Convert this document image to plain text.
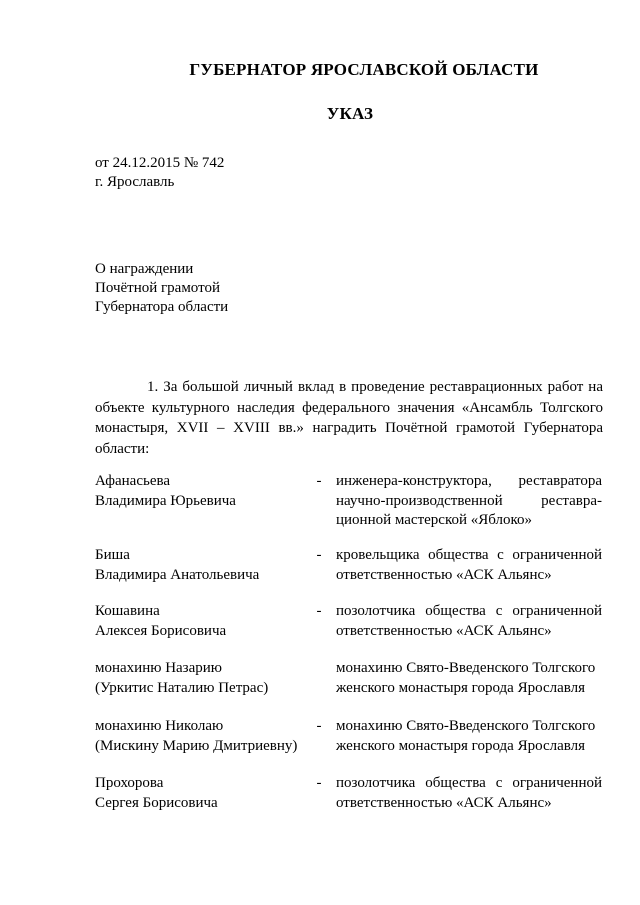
ГУБЕРНАТОР ЯРОСЛАВСКОЙ ОБЛАСТИ
УКАЗ
от 24.12.2015 № 742
г. Ярославль
О награждении
Почётной грамотой
Губернатора области
1. За большой личный вклад в проведение реставрационных работ на объекте культурного наследия федерального значения «Ансамбль Толгского монастыря, XVII – XVIII вв.» наградить Почётной грамотой Губернатора области:
Афанасьева
Владимира Юрьевича
- инженера-конструктора, реставратора
научно-производственной реставра-
ционной мастерской «Яблоко»
Биша
Владимира Анатольевича
- кровельщика общества с ограниченной
ответственностью «АСК Альянс»
Кошавина
Алексея Борисовича
- позолотчика общества с ограниченной
ответственностью «АСК Альянс»
монахиню Назарию
(Уркитис Наталию Петрас)
монахиню Свято-Введенского Толгского
женского монастыря города Ярославля
монахиню Николаю
(Мискину Марию Дмитриевну)
- монахиню Свято-Введенского Толгского
женского монастыря города Ярославля
Прохорова
Сергея Борисовича
- позолотчика общества с ограниченной
ответственностью «АСК Альянс»
